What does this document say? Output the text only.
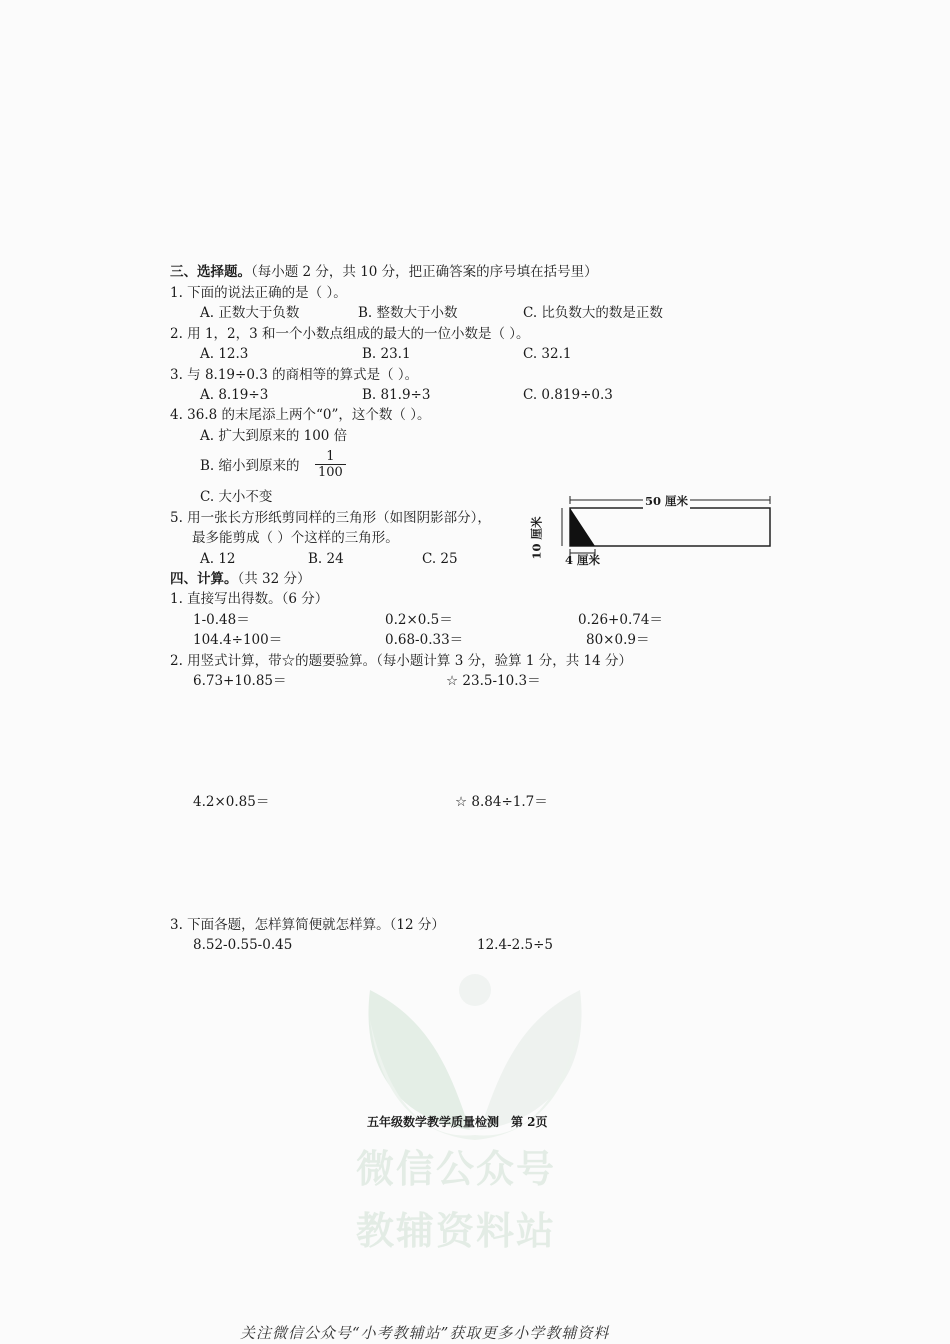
微信公众号
教辅资料站
三、选择题。（每小题 2 分，共 10 分，把正确答案的序号填在括号里）
1. 下面的说法正确的是（ ）。
A. 正数大于负数	B. 整数大于小数	C. 比负数大的数是正数
2. 用 1，2，3 和一个小数点组成的最大的一位小数是（ ）。
A. 12.3	B. 23.1	C. 32.1
3. 与 8.19÷0.3 的商相等的算式是（ ）。
A. 8.19÷3	B. 81.9÷3	C. 0.819÷0.3
4. 36.8 的末尾添上两个“0”，这个数（ ）。
A. 扩大到原来的 100 倍
B. 缩小到原来的 $\frac{1}{100}$
C. 大小不变
5. 用一张长方形纸剪同样的三角形（如图阴影部分），
最多能剪成（ ）个这样的三角形。
A. 12	B. 24	C. 25
50 厘米
10 厘米
4 厘米
四、计算。（共 32 分）
1. 直接写出得数。（6 分）
1-0.48＝	0.2×0.5＝	0.26+0.74＝
104.4÷100＝	0.68-0.33＝	80×0.9＝
2. 用竖式计算，带☆的题要验算。（每小题计算 3 分，验算 1 分，共 14 分）
6.73+10.85＝	☆ 23.5-10.3＝
4.2×0.85＝	☆ 8.84÷1.7＝
3. 下面各题，怎样算简便就怎样算。（12 分）
8.52-0.55-0.45	12.4-2.5÷5
五年级数学教学质量检测　第 2页
关注微信公众号“小考教辅站”获取更多小学教辅资料
